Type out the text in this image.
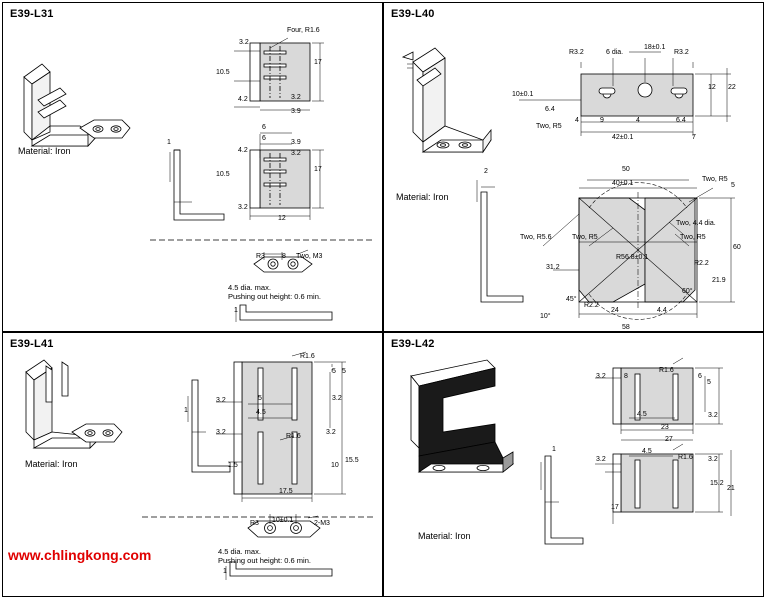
E39-L31	E39-L40
E39-L41	E39-L42
Material: Iron
Material: Iron
Material: Iron
Material: Iron
Four, R1.6
3.2
17
10.5
4.2	3.2
3.9
6
6
3.9
4.2	3.2
10.5
17
3.2
12
1
1
R3 8 Two, M3
4.5 dia. max.
Pushing out height: 0.6 min.
R3.2	6 dia.
18±0.1
R3.2
10±0.1
12 22
6.4
4	9	4	6.4
42±0.1	7
2	50
40±0.1	5
60
R2.2
21.9
31.2
45°
10°
R2.2
24
60°
4.4
58
Two, R5
Two, R5.6	Two, R5
Two, 4.4 dia.
Two, R5
Two, R5
R56.8±0.1
5 5
3.2	5	3.2
4.5
3.2	3.2
1.5	10
15.5
17.5
1
1
R1.6
R1.6
R3 10±0.1	2-M3
4.5 dia. max.
Pushing out height: 0.6 min.
3.2	8	6
5
4.5	3.2
23
27
3.2
4.5
3.2
15.2
21
17
1
R1.6
R1.6
www.chlingkong.com
